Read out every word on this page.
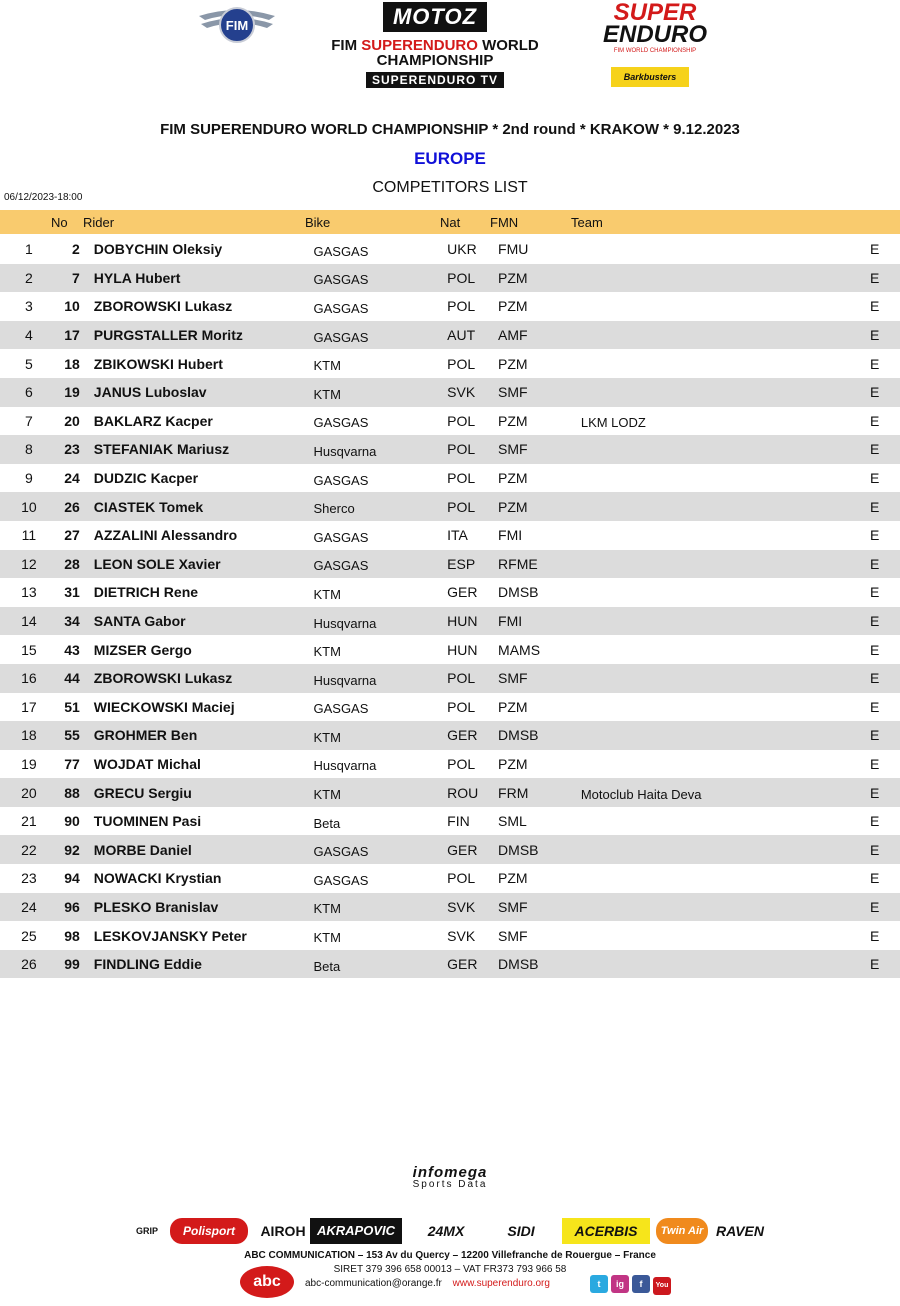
FIM	MOTOZ
FIM SUPERENDURO WORLD
CHAMPIONSHIP
SUPERENDURO TV
SUPER
ENDURO
FIM WORLD CHAMPIONSHIP
Barkbusters
FIM SUPERENDURO WORLD CHAMPIONSHIP * 2nd round * KRAKOW * 9.12.2023
EUROPE
COMPETITORS LIST
06/12/2023-18:00
No Rider	Bike	Nat FMN	Team
1	2	DOBYCHIN Oleksiy	GASGAS	UKR	FMU		E
2	7	HYLA Hubert	GASGAS	POL	PZM		E
3	10	ZBOROWSKI Lukasz	GASGAS	POL	PZM		E
4	17	PURGSTALLER Moritz	GASGAS	AUT	AMF		E
5	18	ZBIKOWSKI Hubert	KTM	POL	PZM		E
6	19	JANUS Luboslav	KTM	SVK	SMF		E
7	20	BAKLARZ Kacper	GASGAS	POL	PZM	LKM LODZ	E
8	23	STEFANIAK Mariusz	Husqvarna	POL	SMF		E
9	24	DUDZIC Kacper	GASGAS	POL	PZM		E
10	26	CIASTEK Tomek	Sherco	POL	PZM		E
11	27	AZZALINI Alessandro	GASGAS	ITA	FMI		E
12	28	LEON SOLE Xavier	GASGAS	ESP	RFME		E
13	31	DIETRICH Rene	KTM	GER	DMSB		E
14	34	SANTA Gabor	Husqvarna	HUN	FMI		E
15	43	MIZSER Gergo	KTM	HUN	MAMS		E
16	44	ZBOROWSKI Lukasz	Husqvarna	POL	SMF		E
17	51	WIECKOWSKI Maciej	GASGAS	POL	PZM		E
18	55	GROHMER Ben	KTM	GER	DMSB		E
19	77	WOJDAT Michal	Husqvarna	POL	PZM		E
20	88	GRECU Sergiu	KTM	ROU	FRM	Motoclub Haita Deva	E
21	90	TUOMINEN Pasi	Beta	FIN	SML		E
22	92	MORBE Daniel	GASGAS	GER	DMSB		E
23	94	NOWACKI Krystian	GASGAS	POL	PZM		E
24	96	PLESKO Branislav	KTM	SVK	SMF		E
25	98	LESKOVJANSKY Peter	KTM	SVK	SMF		E
26	99	FINDLING Eddie	Beta	GER	DMSB		E
infomega
Sports Data
GRIP	Polisport	AIROH AKRAPOVIC	24MX	SIDI	ACERBIS	Twin Air RAVEN
ABC COMMUNICATION – 153 Av du Quercy – 12200 Villefranche de Rouergue – France
SIRET 379 396 658 00013 – VAT FR373 793 966 58
abc	abc-communication@orange.fr www.superenduro.org	t ig f You
